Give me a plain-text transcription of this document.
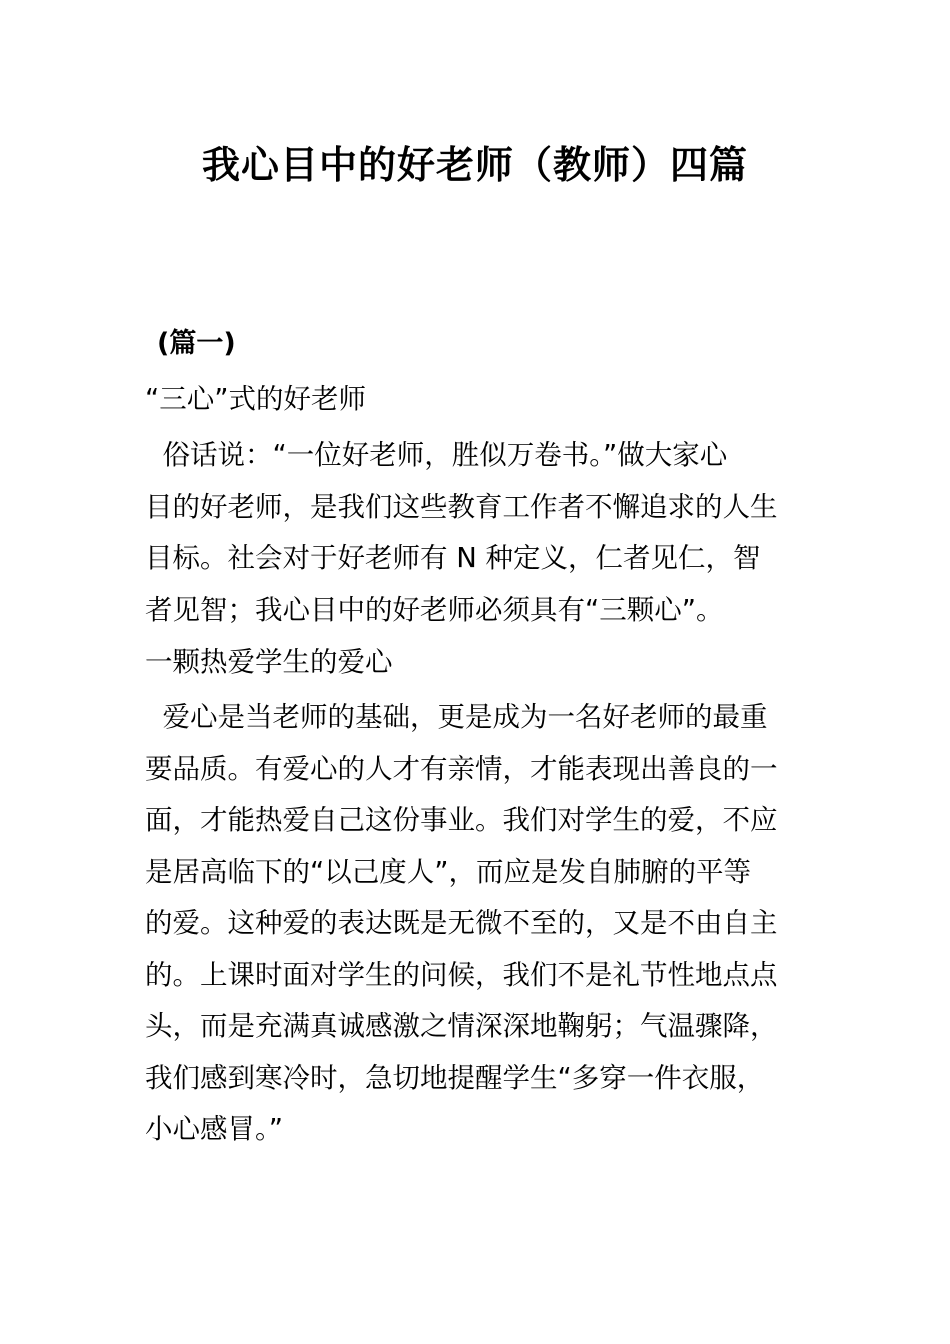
我心目中的好老师（教师）四篇
(篇一)
“三心”式的好老师
俗话说：“一位好老师，胜似万卷书。”做大家心
目的好老师，是我们这些教育工作者不懈追求的人生
目标。社会对于好老师有 N 种定义，仁者见仁，智
者见智；我心目中的好老师必须具有“三颗心”。
一颗热爱学生的爱心
爱心是当老师的基础，更是成为一名好老师的最重
要品质。有爱心的人才有亲情，才能表现出善良的一
面，才能热爱自己这份事业。我们对学生的爱，不应
是居高临下的“以己度人”，而应是发自肺腑的平等
的爱。这种爱的表达既是无微不至的，又是不由自主
的。上课时面对学生的问候，我们不是礼节性地点点
头，而是充满真诚感激之情深深地鞠躬；气温骤降，
我们感到寒冷时，急切地提醒学生“多穿一件衣服，
小心感冒。”
